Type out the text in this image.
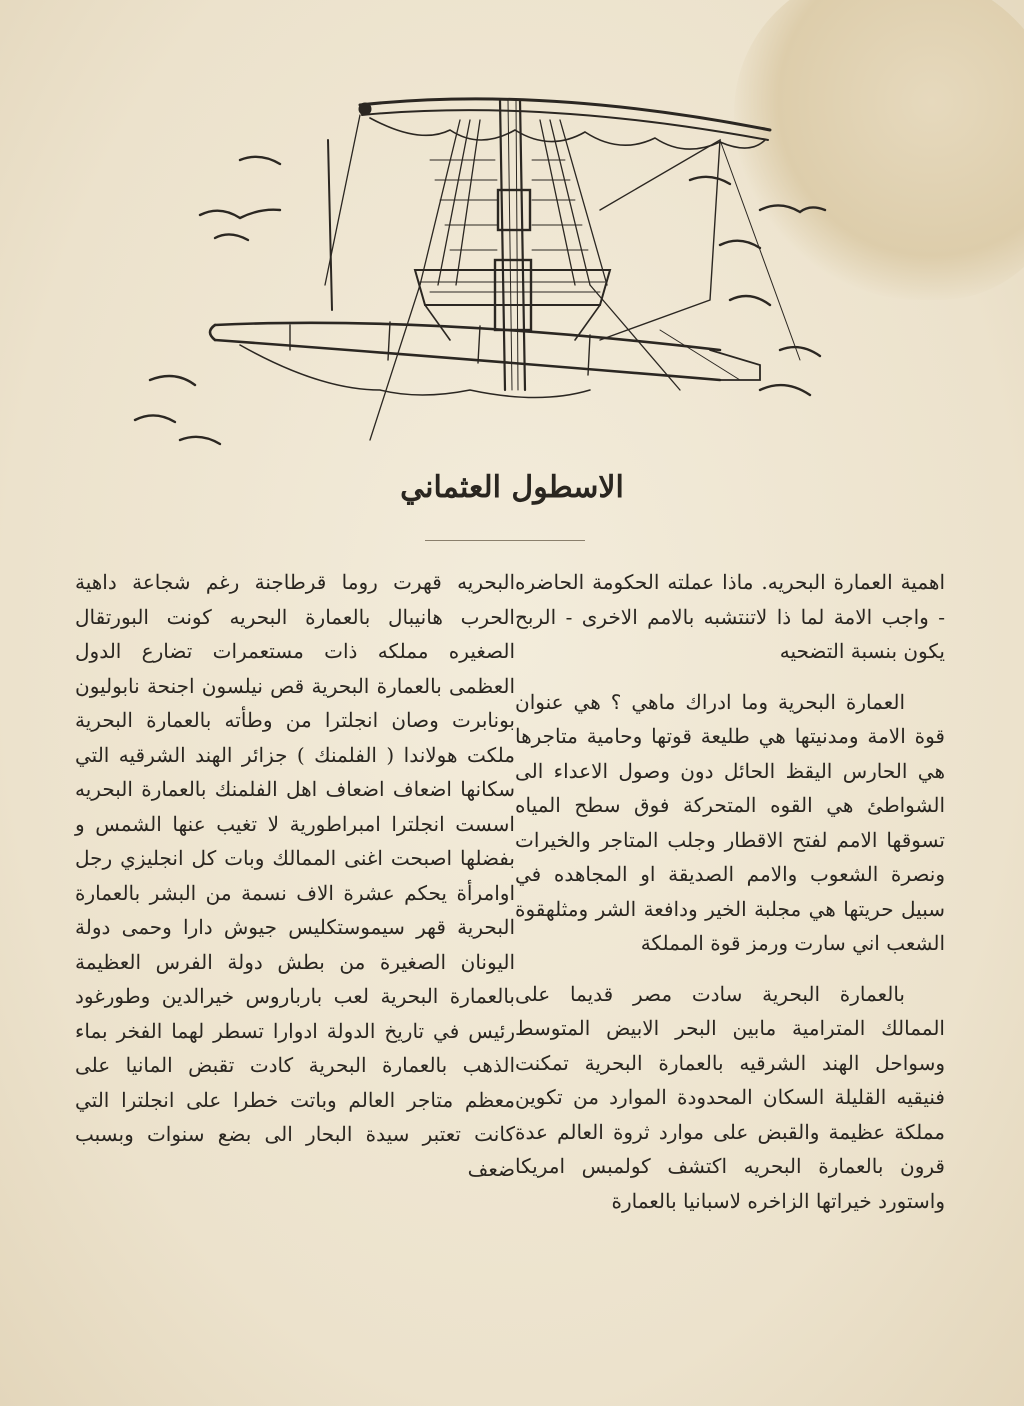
الاسطول العثماني

اهمية العمارة البحريه. ماذا عملته الحكومة الحاضره - واجب الامة لما ذا لاتنتشبه بالامم الاخرى - الربح يكون بنسبة التضحيه

العمارة البحرية وما ادراك ماهي ؟ هي عنوان قوة الامة ومدنيتها هي طليعة قوتها وحامية متاجرها هي الحارس اليقظ الحائل دون وصول الاعداء الى الشواطئ هي القوه المتحركة فوق سطح المياه تسوقها الامم لفتح الاقطار وجلب المتاجر والخيرات ونصرة الشعوب والامم الصديقة او المجاهده في سبيل حريتها هي مجلبة الخير ودافعة الشر ومثلهقوة الشعب اني سارت ورمز قوة المملكة

بالعمارة البحرية سادت مصر قديما على الممالك المترامية مابين البحر الابيض المتوسط وسواحل الهند الشرقيه بالعمارة البحرية تمكنت فنيقيه القليلة السكان المحدودة الموارد من تكوين مملكة عظيمة والقبض على موارد ثروة العالم عدة قرون بالعمارة البحريه اكتشف كولمبس امريكا واستورد خيراتها الزاخره لاسبانيا بالعمارة

البحريه قهرت روما قرطاجنة رغم شجاعة داهية الحرب هانيبال بالعمارة البحريه كونت البورتقال الصغيره مملكه ذات مستعمرات تضارع الدول العظمى بالعمارة البحرية قص نيلسون اجنحة نابوليون بونابرت وصان انجلترا من وطأته بالعمارة البحرية ملكت هولاندا ( الفلمنك ) جزائر الهند الشرقيه التي سكانها اضعاف اضعاف اهل الفلمنك بالعمارة البحريه اسست انجلترا امبراطورية لا تغيب عنها الشمس و بفضلها اصبحت اغنى الممالك وبات كل انجليزي رجل اوامرأة يحكم عشرة الاف نسمة من البشر بالعمارة البحرية قهر سيموستكليس جيوش دارا وحمى دولة اليونان الصغيرة من بطش دولة الفرس العظيمة بالعمارة البحرية لعب بارباروس خيرالدين وطورغود رئيس في تاريخ الدولة ادوارا تسطر لهما الفخر بماء الذهب بالعمارة البحرية كادت تقبض المانيا على معظم متاجر العالم وباتت خطرا على انجلترا التي كانت تعتبر سيدة البحار الى بضع سنوات وبسبب ضعف
